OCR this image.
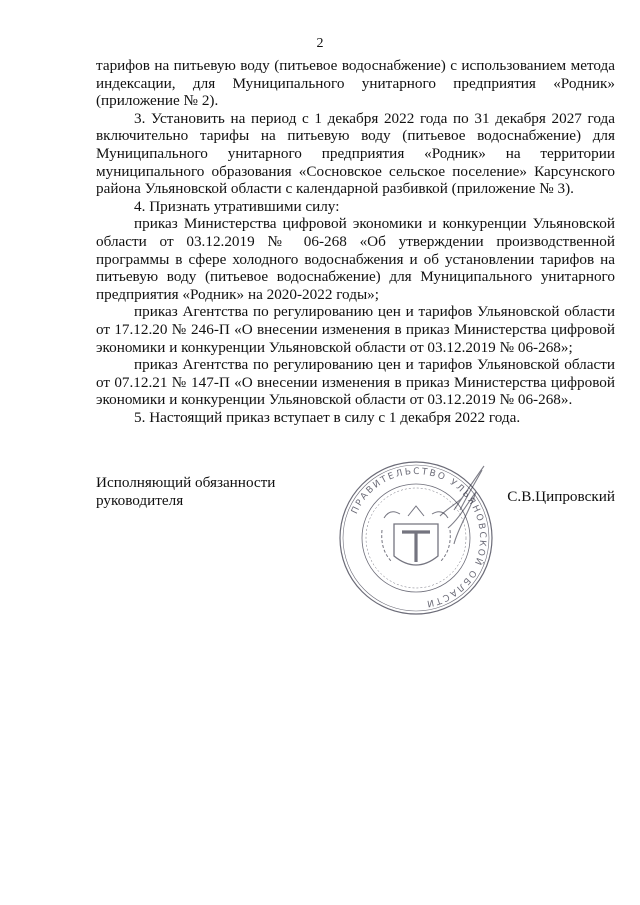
2

тарифов на питьевую воду (питьевое водоснабжение) с использованием метода индексации, для Муниципального унитарного предприятия «Родник» (приложение № 2).

3. Установить на период с 1 декабря 2022 года по 31 декабря 2027 года включительно тарифы на питьевую воду (питьевое водоснабжение) для Муниципального унитарного предприятия «Родник» на территории муниципального образования «Сосновское сельское поселение» Карсунского района Ульяновской области с календарной разбивкой (приложение № 3).

4. Признать утратившими силу:

приказ Министерства цифровой экономики и конкуренции Ульяновской области от 03.12.2019 № 06-268 «Об утверждении производственной программы в сфере холодного водоснабжения и об установлении тарифов на питьевую воду (питьевое водоснабжение) для Муниципального унитарного предприятия «Родник» на 2020-2022 годы»;

приказ Агентства по регулированию цен и тарифов Ульяновской области от 17.12.20 № 246-П «О внесении изменения в приказ Министерства цифровой экономики и конкуренции Ульяновской области от 03.12.2019 № 06-268»;

приказ Агентства по регулированию цен и тарифов Ульяновской области от 07.12.21 № 147-П «О внесении изменения в приказ Министерства цифровой экономики и конкуренции Ульяновской области от 03.12.2019 № 06-268».

5. Настоящий приказ вступает в силу с 1 декабря 2022 года.

Исполняющий обязанности
руководителя	С.В.Ципровский
ПРАВИТЕЛЬСТВО УЛЬЯНОВСКОЙ ОБЛАСТИ
